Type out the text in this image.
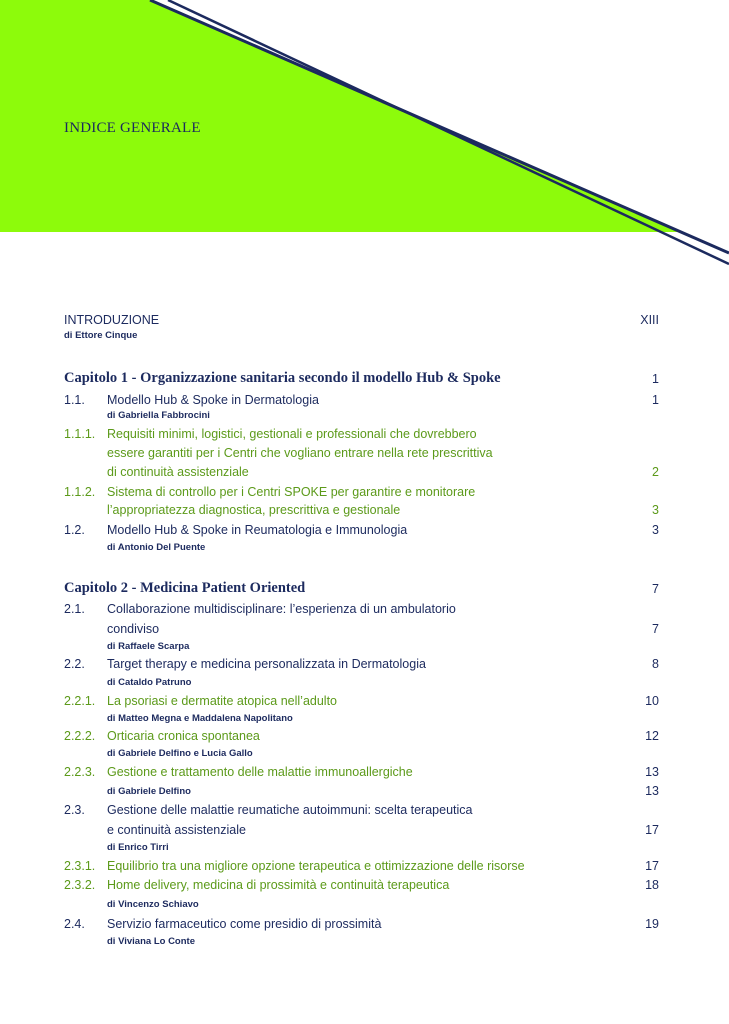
INDICE GENERALE
INTRODUZIONE	XIII
di Ettore Cinque
Capitolo 1 - Organizzazione sanitaria secondo il modello Hub & Spoke	1
1.1. Modello Hub & Spoke in Dermatologia	1
di Gabriella Fabbrocini
1.1.1. Requisiti minimi, logistici, gestionali e professionali che dovrebbero
essere garantiti per i Centri che vogliano entrare nella rete prescrittiva
di continuità assistenziale	2
1.1.2. Sistema di controllo per i Centri SPOKE per garantire e monitorare
l’appropriatezza diagnostica, prescrittiva e gestionale	3
1.2. Modello Hub & Spoke in Reumatologia e Immunologia	3
di Antonio Del Puente
Capitolo 2 - Medicina Patient Oriented	7
2.1. Collaborazione multidisciplinare: l’esperienza di un ambulatorio
condiviso	7
di Raffaele Scarpa
2.2. Target therapy e medicina personalizzata in Dermatologia	8
di Cataldo Patruno
2.2.1. La psoriasi e dermatite atopica nell’adulto	10
di Matteo Megna e Maddalena Napolitano
2.2.2. Orticaria cronica spontanea	12
di Gabriele Delfino e Lucia Gallo
2.2.3. Gestione e trattamento delle malattie immunoallergiche	13
di Gabriele Delfino	13
2.3. Gestione delle malattie reumatiche autoimmuni: scelta terapeutica
e continuità assistenziale	17
di Enrico Tirri
2.3.1. Equilibrio tra una migliore opzione terapeutica e ottimizzazione delle risorse	17
2.3.2. Home delivery, medicina di prossimità e continuità terapeutica	18
di Vincenzo Schiavo
2.4. Servizio farmaceutico come presidio di prossimità	19
di Viviana Lo Conte
